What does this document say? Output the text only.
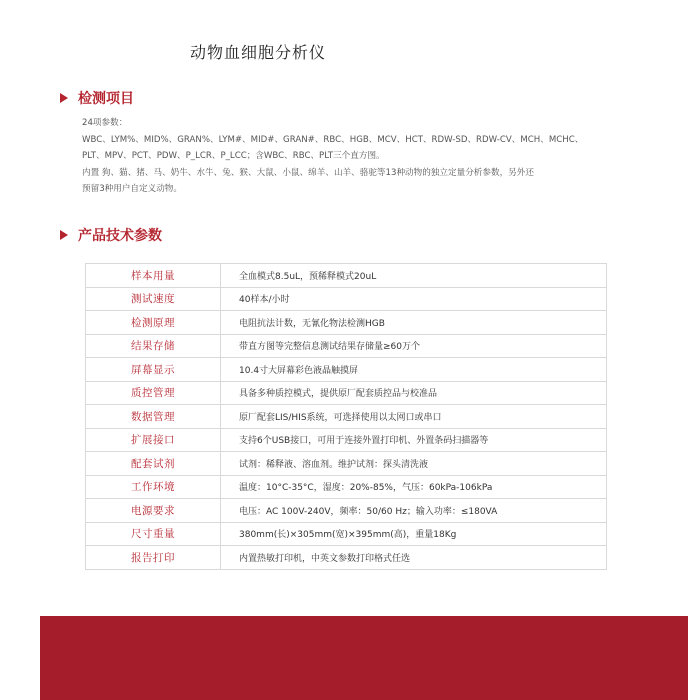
动物血细胞分析仪
检测项目

24项参数：

WBC、LYM%、MID%、GRAN%、LYM#、MID#、GRAN#、RBC、HGB、MCV、HCT、RDW-SD、RDW-CV、MCH、MCHC、

PLT、MPV、PCT、PDW、P_LCR、P_LCC；含WBC、RBC、PLT三个直方图。

内置 狗、猫、猪、马、奶牛、水牛、兔、猴、大鼠、小鼠、绵羊、山羊、骆驼等13种动物的独立定量分析参数，另外还

预留3种用户自定义动物。

产品技术参数
样本用量	全血模式8.5uL，预稀释模式20uL
测试速度	40样本/小时
检测原理	电阻抗法计数，无氰化物法检测HGB
结果存储	带直方图等完整信息测试结果存储量≥60万个
屏幕显示	10.4寸大屏幕彩色液晶触摸屏
质控管理	具备多种质控模式，提供原厂配套质控品与校准品
数据管理	原厂配套LIS/HIS系统，可选择使用以太网口或串口
扩展接口	支持6个USB接口，可用于连接外置打印机、外置条码扫描器等
配套试剂	试剂：稀释液、溶血剂。维护试剂：探头清洗液
工作环境	温度：10°C-35°C，湿度：20%-85%，气压：60kPa-106kPa
电源要求	电压：AC 100V-240V，频率：50/60 Hz；输入功率：≤180VA
尺寸重量	380mm(长)×305mm(宽)×395mm(高)，重量18Kg
报告打印	内置热敏打印机，中英文参数打印格式任选
